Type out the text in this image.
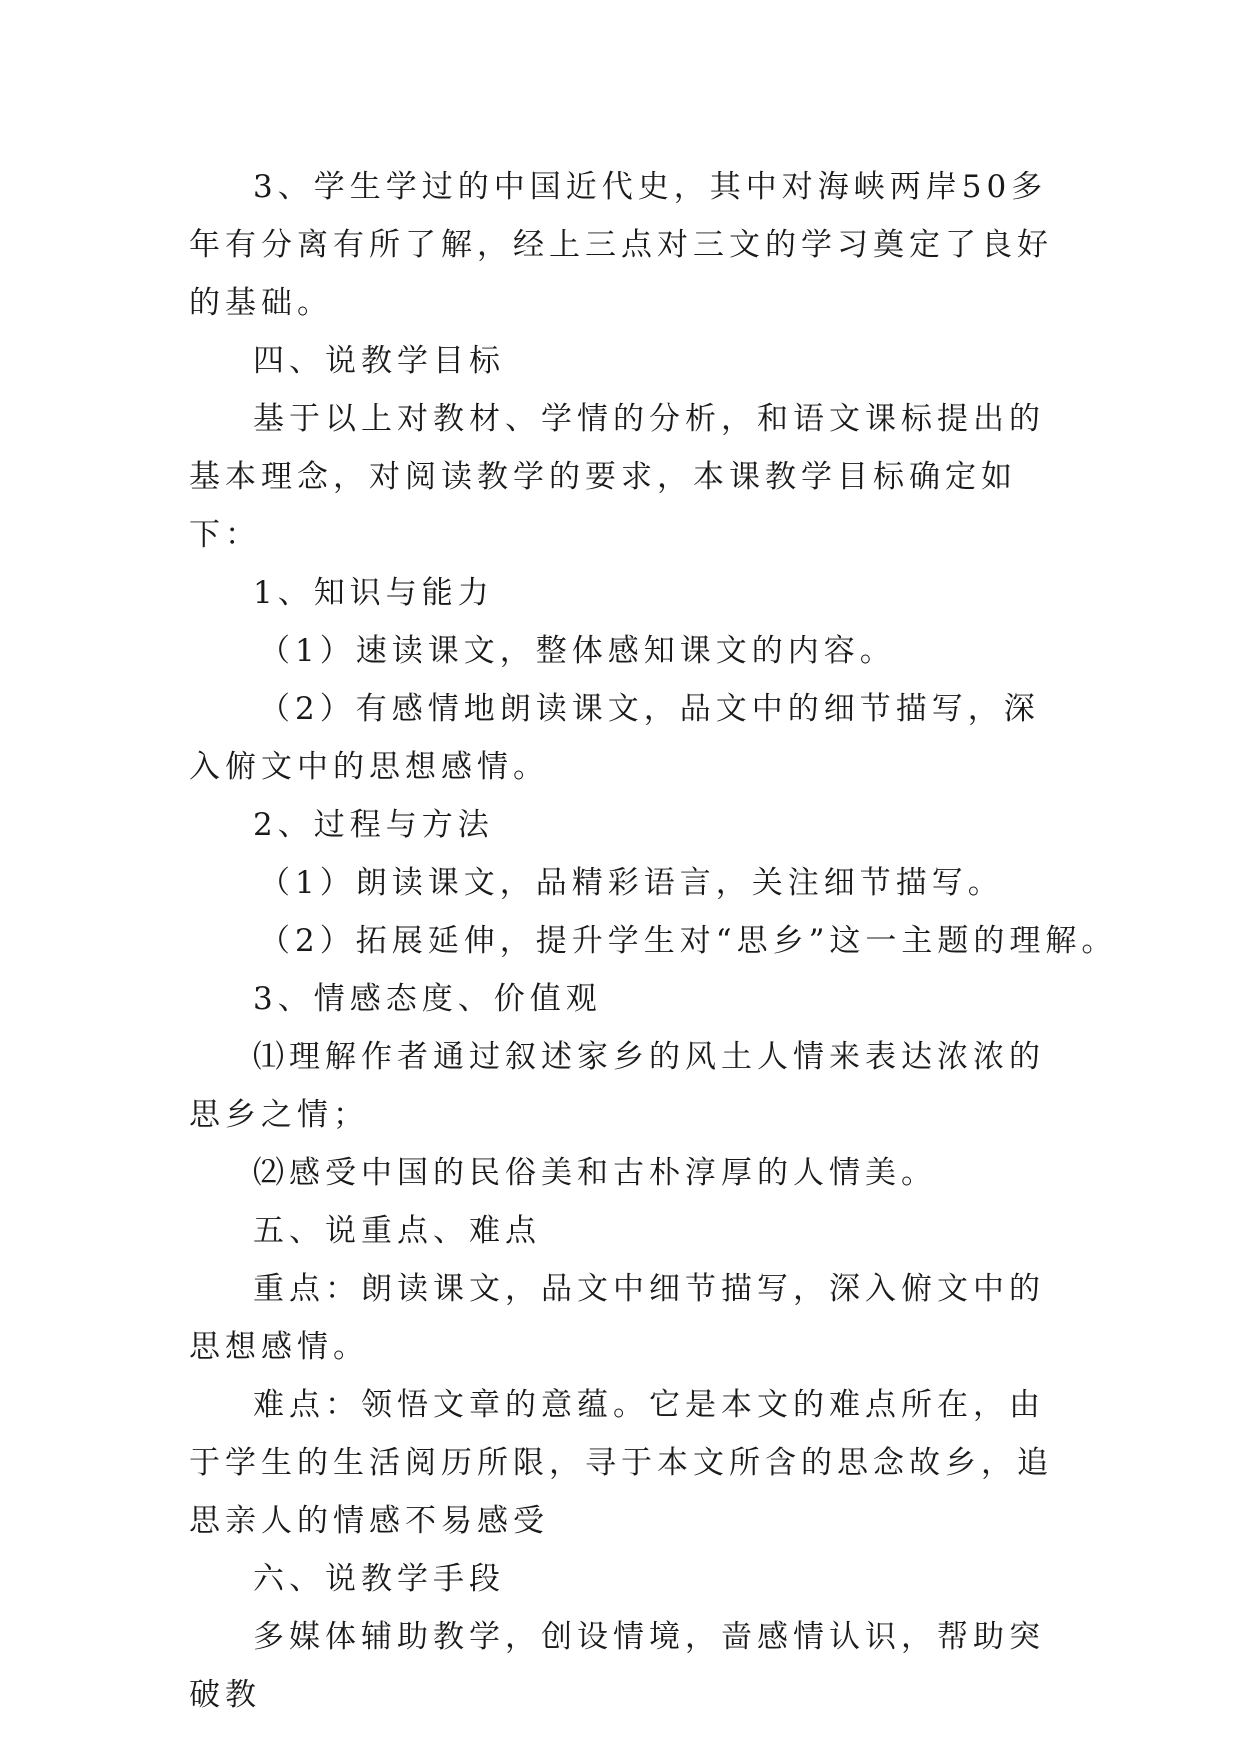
3、学生学过的中国近代史，其中对海峡两岸50多年有分离有所了解，经上三点对三文的学习奠定了良好的基础。

四、说教学目标

基于以上对教材、学情的分析，和语文课标提出的基本理念，对阅读教学的要求，本课教学目标确定如下：

1、知识与能力

（1）速读课文，整体感知课文的内容。

（2）有感情地朗读课文，品文中的细节描写，深入俯文中的思想感情。

2、过程与方法

（1）朗读课文，品精彩语言，关注细节描写。

（2）拓展延伸，提升学生对“思乡”这一主题的理解。

3、情感态度、价值观

⑴理解作者通过叙述家乡的风土人情来表达浓浓的思乡之情；

⑵感受中国的民俗美和古朴淳厚的人情美。

五、说重点、难点

重点：朗读课文，品文中细节描写，深入俯文中的思想感情。

难点：领悟文章的意蕴。它是本文的难点所在，由于学生的生活阅历所限，寻于本文所含的思念故乡，追思亲人的情感不易感受

六、说教学手段

多媒体辅助教学，创设情境，啬感情认识，帮助突破教
